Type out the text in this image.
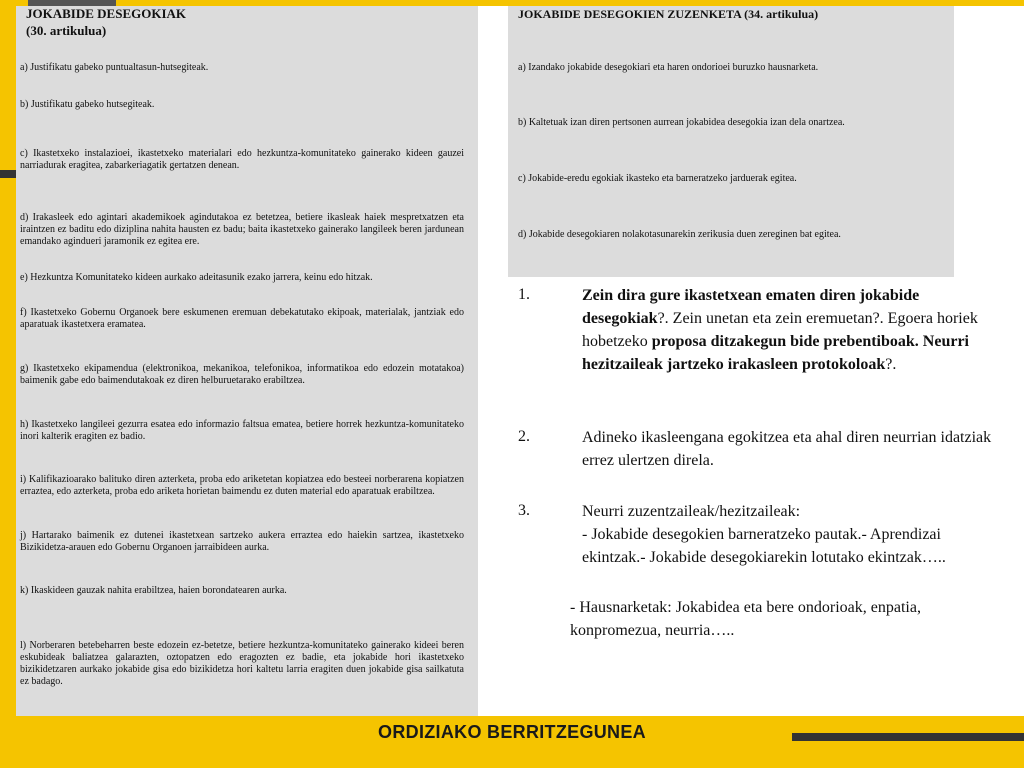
JOKABIDE DESEGOKIAK
(30. artikulua)
a) Justifikatu gabeko puntualtasun-hutsegiteak.
b) Justifikatu gabeko hutsegiteak.
c) Ikastetxeko instalazioei, ikastetxeko materialari edo hezkuntza-komunitateko gainerako kideen gauzei narriadurak eragitea, zabarkeriagatik gertatzen denean.
d) Irakasleek edo agintari akademikoek agindutakoa ez betetzea, betiere ikasleak haiek mespretxatzen eta iraintzen ez baditu edo diziplina nahita hausten ez badu; baita ikastetxeko gainerako langileek beren jardunean emandako agindueri jaramonik ez egitea ere.
e) Hezkuntza Komunitateko kideen aurkako adeitasunik ezako jarrera, keinu edo hitzak.
f) Ikastetxeko Gobernu Organoek bere eskumenen eremuan debekatutako ekipoak, materialak, jantziak edo aparatuak ikastetxera eramatea.
g) Ikastetxeko ekipamendua (elektronikoa, mekanikoa, telefonikoa, informatikoa edo edozein motatakoa) baimenik gabe edo baimendutakoak ez diren helburuetarako erabiltzea.
h) Ikastetxeko langileei gezurra esatea edo informazio faltsua ematea, betiere horrek hezkuntza-komunitateko inori kalterik eragiten ez badio.
i) Kalifikazioarako balituko diren azterketa, proba edo ariketetan kopiatzea edo besteei norberarena kopiatzen erraztea, edo azterketa, proba edo ariketa horietan baimendu ez duten material edo aparatuak erabiltzea.
j) Hartarako baimenik ez dutenei ikastetxean sartzeko aukera erraztea edo haiekin sartzea, ikastetxeko Bizikidetza-arauen edo Gobernu Organoen jarraibideen aurka.
k) Ikaskideen gauzak nahita erabiltzea, haien borondatearen aurka.
l) Norberaren betebeharren beste edozein ez-betetze, betiere hezkuntza-komunitateko gainerako kideei beren eskubideak baliatzea galarazten, oztopatzen edo eragozten ez badie, eta jokabide hori ikastetxeko bizikidetzaren aurkako jokabide gisa edo bizikidetza hori kaltetu larria eragiten duen jokabide gisa sailkatuta ez badago.
JOKABIDE DESEGOKIEN ZUZENKETA (34. artikulua)
a) Izandako jokabide desegokiari eta haren ondorioei buruzko hausnarketa.
b) Kaltetuak izan diren pertsonen aurrean jokabidea desegokia izan dela onartzea.
c) Jokabide-eredu egokiak ikasteko eta barneratzeko jarduerak egitea.
d) Jokabide desegokiaren nolakotasunarekin zerikusia duen zereginen bat egitea.
1.	Zein dira gure ikastetxean ematen diren jokabide desegokiak?. Zein unetan eta zein eremuetan?. Egoera horiek hobetzeko proposa ditzakegun bide prebentiboak. Neurri hezitzaileak jartzeko irakasleen protokoloak?.
2.	Adineko ikasleengana egokitzea eta ahal diren neurrian idatziak errez ulertzen direla.
3.	Neurri zuzentzaileak/hezitzaileak:
- Jokabide desegokien barneratzeko pautak.- Aprendizai ekintzak.- Jokabide desegokiarekin lotutako ekintzak…..
- Hausnarketak: Jokabidea eta bere ondorioak, enpatia, konpromezua, neurria…..
ORDIZIAKO BERRITZEGUNEA
